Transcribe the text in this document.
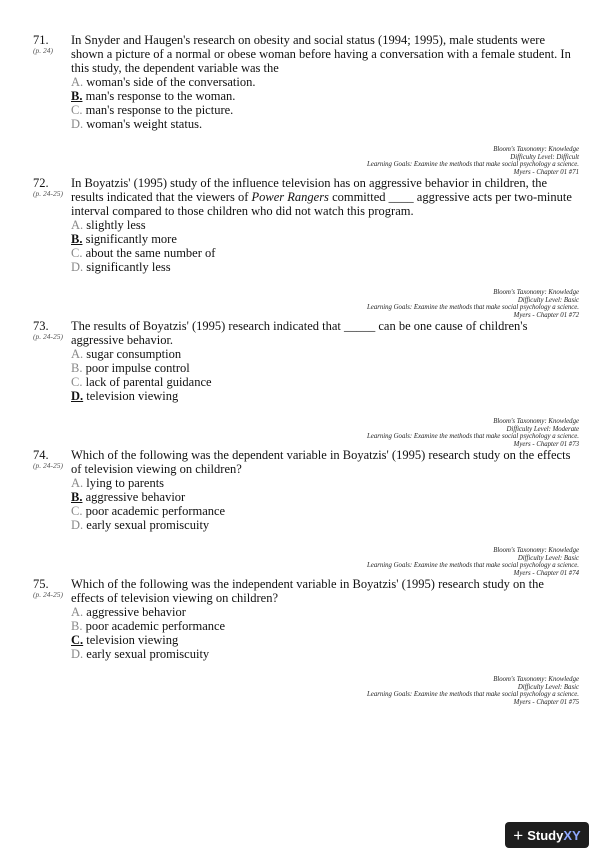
71.
(p. 24)
In Snyder and Haugen's research on obesity and social status (1994; 1995), male students were shown a picture of a normal or obese woman before having a conversation with a female student. In this study, the dependent variable was the
A. woman's side of the conversation.
B. man's response to the woman.
C. man's response to the picture.
D. woman's weight status.
Bloom's Taxonomy: Knowledge
Difficulty Level: Difficult
Learning Goals: Examine the methods that make social psychology a science.
Myers - Chapter 01 #71
72.
(p. 24-25)
In Boyatzis' (1995) study of the influence television has on aggressive behavior in children, the results indicated that the viewers of Power Rangers committed ____ aggressive acts per two-minute interval compared to those children who did not watch this program.
A. slightly less
B. significantly more
C. about the same number of
D. significantly less
Bloom's Taxonomy: Knowledge
Difficulty Level: Basic
Learning Goals: Examine the methods that make social psychology a science.
Myers - Chapter 01 #72
73.
(p. 24-25)
The results of Boyatzis' (1995) research indicated that _____ can be one cause of children's aggressive behavior.
A. sugar consumption
B. poor impulse control
C. lack of parental guidance
D. television viewing
Bloom's Taxonomy: Knowledge
Difficulty Level: Moderate
Learning Goals: Examine the methods that make social psychology a science.
Myers - Chapter 01 #73
74.
(p. 24-25)
Which of the following was the dependent variable in Boyatzis' (1995) research study on the effects of television viewing on children?
A. lying to parents
B. aggressive behavior
C. poor academic performance
D. early sexual promiscuity
Bloom's Taxonomy: Knowledge
Difficulty Level: Basic
Learning Goals: Examine the methods that make social psychology a science.
Myers - Chapter 01 #74
75.
(p. 24-25)
Which of the following was the independent variable in Boyatzis' (1995) research study on the effects of television viewing on children?
A. aggressive behavior
B. poor academic performance
C. television viewing
D. early sexual promiscuity
Bloom's Taxonomy: Knowledge
Difficulty Level: Basic
Learning Goals: Examine the methods that make social psychology a science.
Myers - Chapter 01 #75
+ StudyXY
